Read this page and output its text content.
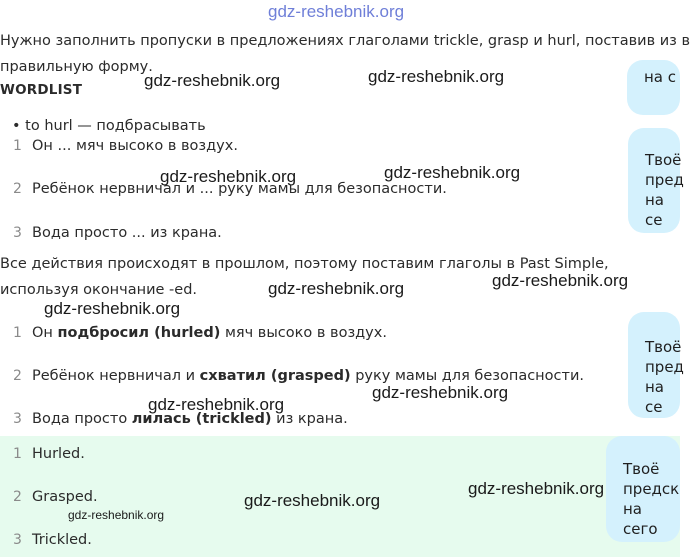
gdz-reshebnik.org
Нужно заполнить пропуски в предложениях глаголами trickle, grasp и hurl, поставив из в
правильную форму.
WORDLIST
• to hurl — подбрасывать
1 Он ... мяч высоко в воздух.
2 Ребёнок нервничал и ... руку мамы для безопасности.
3 Вода просто ... из крана.
Все действия происходят в прошлом, поэтому поставим глаголы в Past Simple,
используя окончание -ed.
1 Он подбросил (hurled) мяч высоко в воздух.
2 Ребёнок нервничал и схватил (grasped) руку мамы для безопасности.
3 Вода просто лилась (trickled) из крана.
1 Hurled.
2 Grasped.
3 Trickled.
на с
Твоё
пред
на се
Твоё
пред
на се
Твоё
предск
на сего
gdz-reshebnik.org	gdz-reshebnik.org
gdz-reshebnik.org	gdz-reshebnik.org
gdz-reshebnik.org	gdz-reshebnik.org
gdz-reshebnik.org
gdz-reshebnik.org
gdz-reshebnik.org
gdz-reshebnik.org
gdz-reshebnik.org
gdz-reshebnik.org
